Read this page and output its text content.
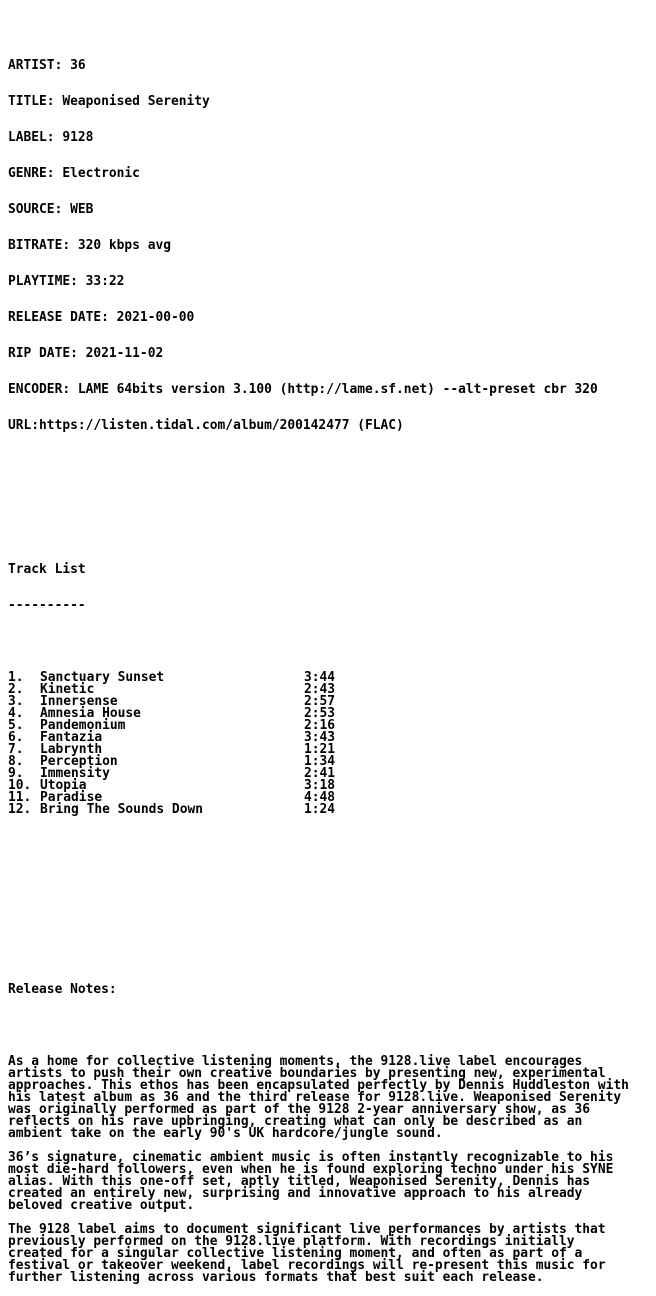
ARTIST: 36

TITLE: Weaponised Serenity

LABEL: 9128

GENRE: Electronic

SOURCE: WEB

BITRATE: 320 kbps avg

PLAYTIME: 33:22

RELEASE DATE: 2021-00-00

RIP DATE: 2021-11-02

ENCODER: LAME 64bits version 3.100 (http://lame.sf.net) --alt-preset cbr 320

URL:https://listen.tidal.com/album/200142477 (FLAC)

Track List

----------

1. Sanctuary Sunset	3:44
2. Kinetic	2:43
3. Innersense	2:57
4. Amnesia House	2:53
5. Pandemonium	2:16
6. Fantazia	3:43
7. Labrynth	1:21
8. Perception	1:34
9. Immensity	2:41
10. Utopia	3:18
11. Paradise	4:48
12. Bring The Sounds Down	1:24

Release Notes:

As a home for collective listening moments, the 9128.live label encourages
artists to push their own creative boundaries by presenting new, experimental
approaches. This ethos has been encapsulated perfectly by Dennis Huddleston with
his latest album as 36 and the third release for 9128.live. Weaponised Serenity
was originally performed as part of the 9128 2-year anniversary show, as 36
reflects on his rave upbringing, creating what can only be described as an
ambient take on the early 90's UK hardcore/jungle sound.
36’s signature, cinematic ambient music is often instantly recognizable to his
most die-hard followers, even when he is found exploring techno under his SYNE
alias. With this one-off set, aptly titled, Weaponised Serenity, Dennis has
created an entirely new, surprising and innovative approach to his already
beloved creative output.
The 9128 label aims to document significant live performances by artists that
previously performed on the 9128.live platform. With recordings initially
created for a singular collective listening moment, and often as part of a
festival or takeover weekend, label recordings will re-present this music for
further listening across various formats that best suit each release.
